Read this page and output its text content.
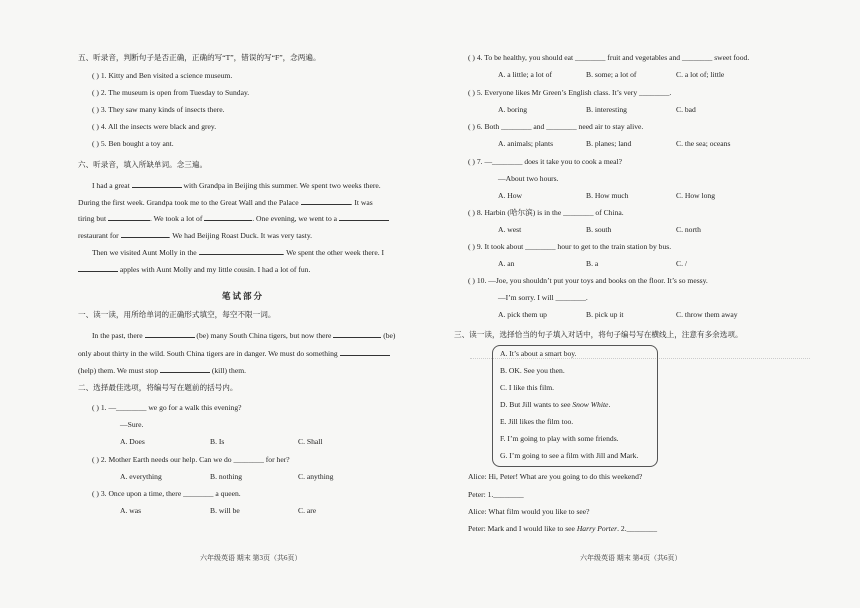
五、听录音，判断句子是否正确，正确的写“T”，错误的写“F”，念两遍。
( ) 1. Kitty and Ben visited a science museum.
( ) 2. The museum is open from Tuesday to Sunday.
( ) 3. They saw many kinds of insects there.
( ) 4. All the insects were black and grey.
( ) 5. Ben bought a toy ant.
六、听录音，填入所缺单词。念三遍。
I had a great	with Grandpa in Beijing this summer. We spent two weeks there.
During the first week. Grandpa took me to the Great Wall and the Palace	. It was
tiring but	. We took a lot of	. One evening, we went to a
restaurant for	. We had Beijing Roast Duck. It was very tasty.
Then we visited Aunt Molly in the	. We spent the other week there. I
apples with Aunt Molly and my little cousin. I had a lot of fun.
笔试部分
一、读一读，用所给单词的正确形式填空，每空不限一词。
In the past, there	(be) many South China tigers, but now there	(be)
only about thirty in the wild. South China tigers are in danger. We must do something
(help) them. We must stop	(kill) them.
二、选择最佳选项，将编号写在题前的括号内。
( ) 1. —________ we go for a walk this evening?
—Sure.
A. Does	B. Is	C. Shall
( ) 2. Mother Earth needs our help. Can we do ________ for her?
A. everything	B. nothing	C. anything
( ) 3. Once upon a time, there ________ a queen.
A. was	B. will be	C. are
六年级英语 期末 第3页（共6页）
( ) 4. To be healthy, you should eat ________ fruit and vegetables and ________ sweet food.
A. a little; a lot of	B. some; a lot of	C. a lot of; little
( ) 5. Everyone likes Mr Green’s English class. It’s very ________.
A. boring	B. interesting	C. bad
( ) 6. Both ________ and ________ need air to stay alive.
A. animals; plants	B. planes; land	C. the sea; oceans
( ) 7. —________ does it take you to cook a meal?
—About two hours.
A. How	B. How much	C. How long
( ) 8. Harbin (哈尔滨) is in the ________ of China.
A. west	B. south	C. north
( ) 9. It took about ________ hour to get to the train station by bus.
A. an	B. a	C. /
( ) 10. —Joe, you shouldn’t put your toys and books on the floor. It’s so messy.
—I’m sorry. I will ________.
A. pick them up	B. pick up it	C. throw them away
三、读一读，选择恰当的句子填入对话中，将句子编号写在横线上，注意有多余选项。
A. It’s about a smart boy.
B. OK. See you then.
C. I like this film.
D. But Jill wants to see Snow White.
E. Jill likes the film too.
F. I’m going to play with some friends.
G. I’m going to see a film with Jill and Mark.
Alice: Hi, Peter! What are you going to do this weekend?
Peter: 1.________
Alice: What film would you like to see?
Peter: Mark and I would like to see Harry Porter. 2.________
六年级英语 期末 第4页（共6页）
